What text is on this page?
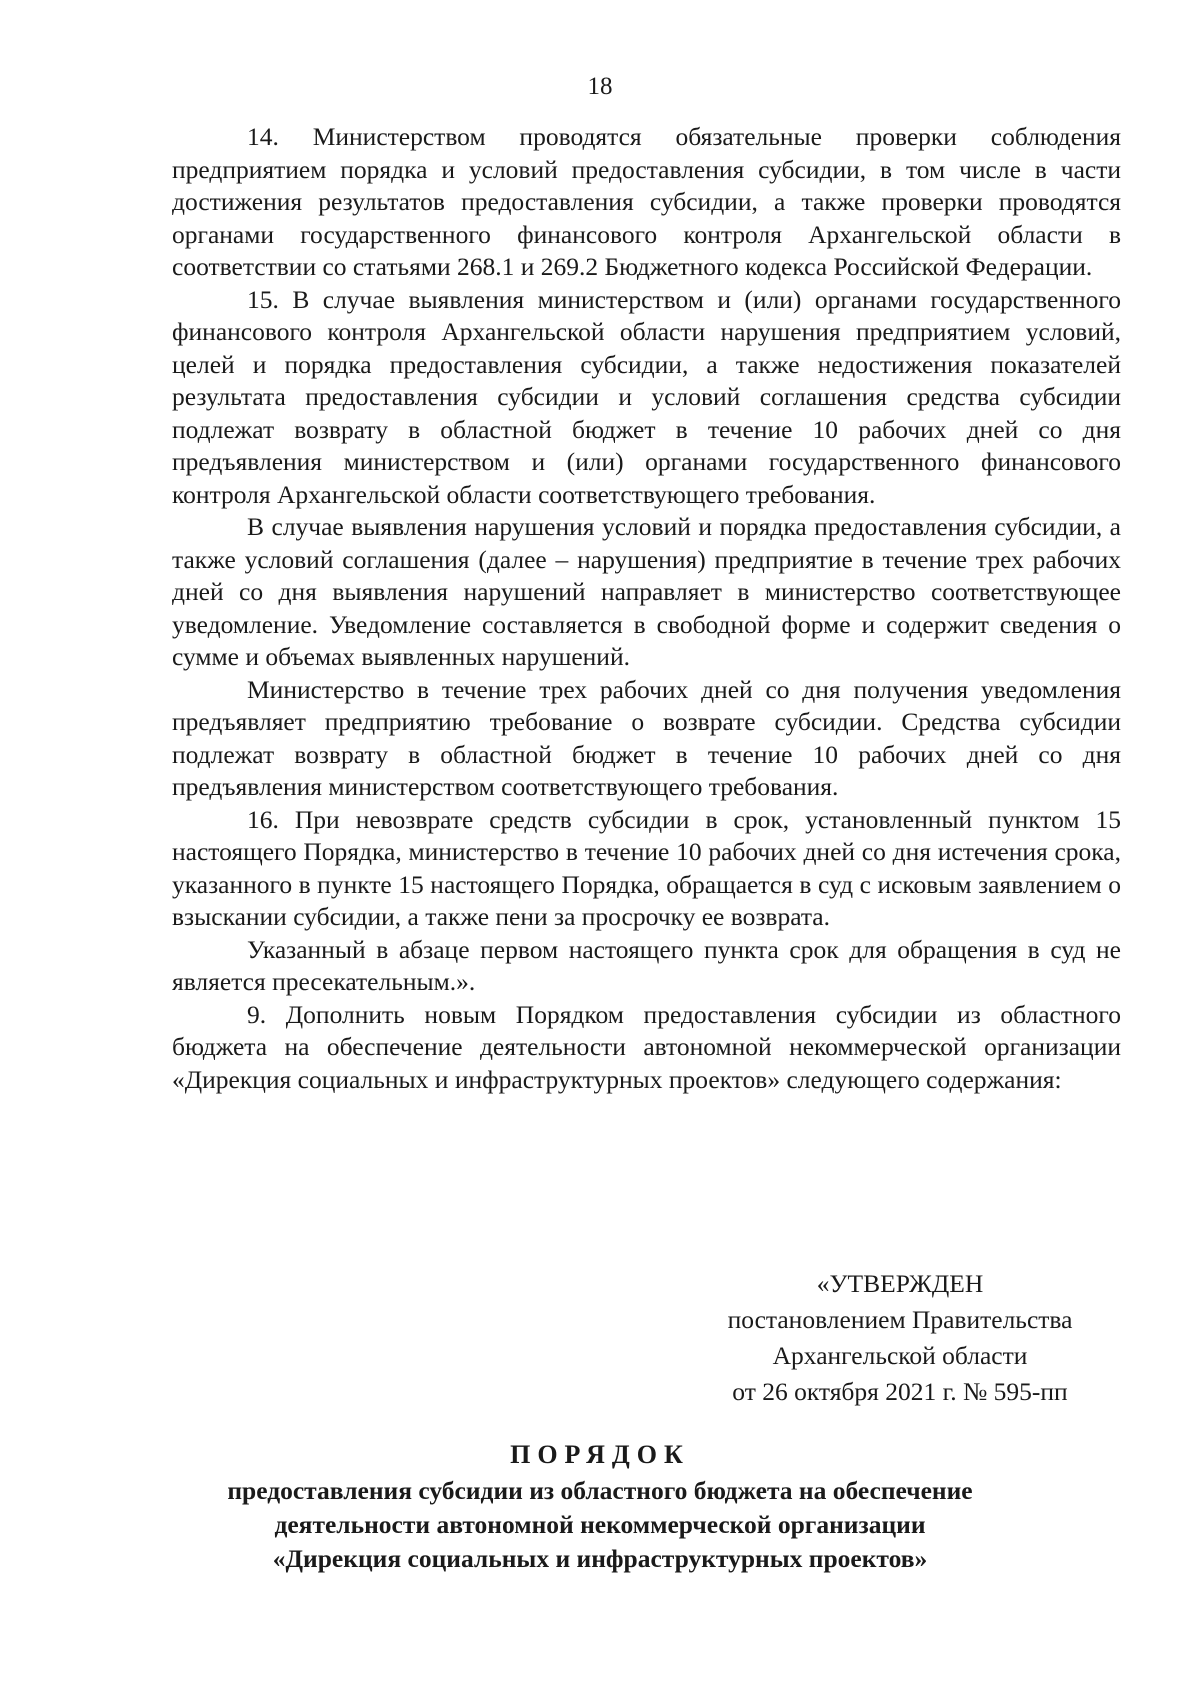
18

14. Министерством проводятся обязательные проверки соблюдения предприятием порядка и условий предоставления субсидии, в том числе в части достижения результатов предоставления субсидии, а также проверки проводятся органами государственного финансового контроля Архангельской области в соответствии со статьями 268.1 и 269.2 Бюджетного кодекса Российской Федерации.

15. В случае выявления министерством и (или) органами государственного финансового контроля Архангельской области нарушения предприятием условий, целей и порядка предоставления субсидии, а также недостижения показателей результата предоставления субсидии и условий соглашения средства субсидии подлежат возврату в областной бюджет в течение 10 рабочих дней со дня предъявления министерством и (или) органами государственного финансового контроля Архангельской области соответствующего требования.

В случае выявления нарушения условий и порядка предоставления субсидии, а также условий соглашения (далее – нарушения) предприятие в течение трех рабочих дней со дня выявления нарушений направляет в министерство соответствующее уведомление. Уведомление составляется в свободной форме и содержит сведения о сумме и объемах выявленных нарушений.

Министерство в течение трех рабочих дней со дня получения уведомления предъявляет предприятию требование о возврате субсидии. Средства субсидии подлежат возврату в областной бюджет в течение 10 рабочих дней со дня предъявления министерством соответствующего требования.

16. При невозврате средств субсидии в срок, установленный пунктом 15 настоящего Порядка, министерство в течение 10 рабочих дней со дня истечения срока, указанного в пункте 15 настоящего Порядка, обращается в суд с исковым заявлением о взыскании субсидии, а также пени за просрочку ее возврата.

Указанный в абзаце первом настоящего пункта срок для обращения в суд не является пресекательным.».

9. Дополнить новым Порядком предоставления субсидии из областного бюджета на обеспечение деятельности автономной некоммерческой организации «Дирекция социальных и инфраструктурных проектов» следующего содержания:

«УТВЕРЖДЕН
постановлением Правительства
Архангельской области
от 26 октября 2021 г. № 595-пп
ПОРЯДОК
предоставления субсидии из областного бюджета на обеспечение
деятельности автономной некоммерческой организации
«Дирекция социальных и инфраструктурных проектов»
